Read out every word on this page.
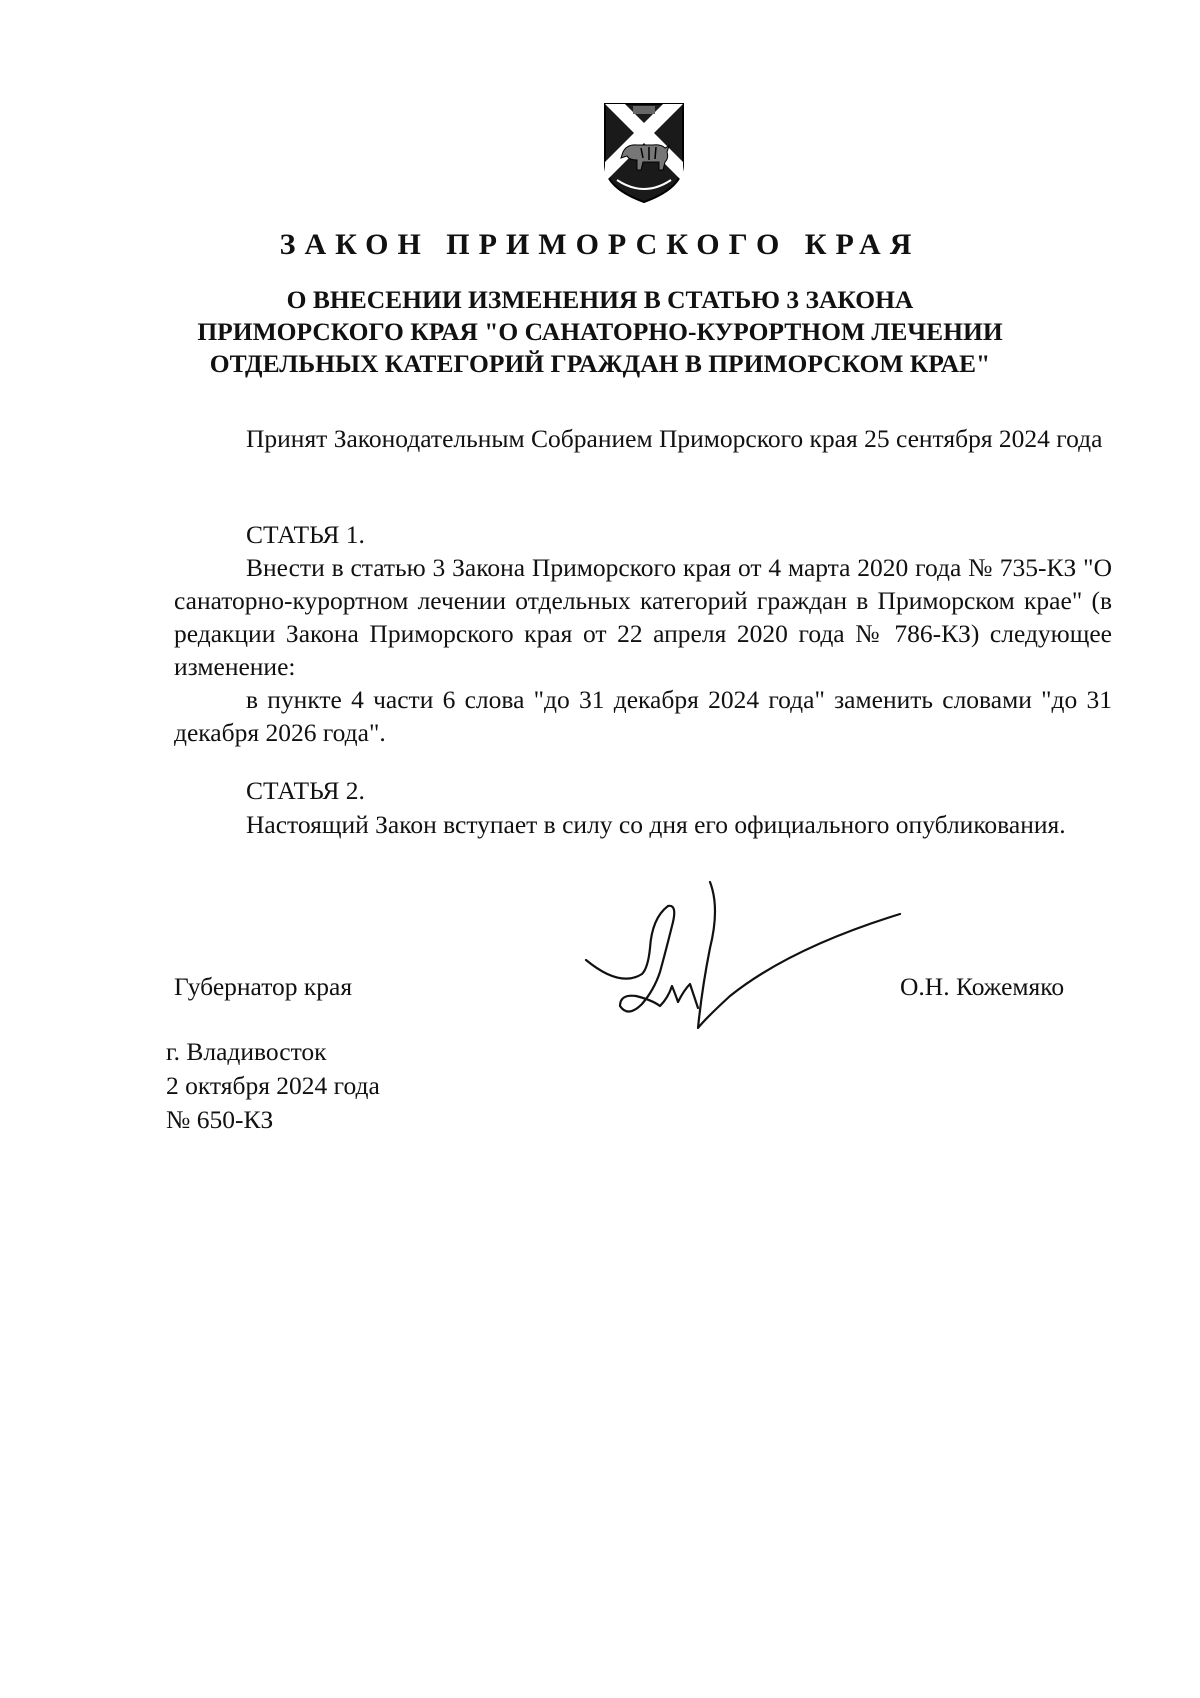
ЗАКОН ПРИМОРСКОГО КРАЯ
О ВНЕСЕНИИ ИЗМЕНЕНИЯ В СТАТЬЮ 3 ЗАКОНА
ПРИМОРСКОГО КРАЯ "О САНАТОРНО-КУРОРТНОМ ЛЕЧЕНИИ
ОТДЕЛЬНЫХ КАТЕГОРИЙ ГРАЖДАН В ПРИМОРСКОМ КРАЕ"
Принят Законодательным Собранием Приморского края 25 сентября 2024 года
СТАТЬЯ 1.
Внести в статью 3 Закона Приморского края от 4 марта 2020 года № 735-КЗ "О санаторно-курортном лечении отдельных категорий граждан в Приморском крае" (в редакции Закона Приморского края от 22 апреля 2020 года № 786-КЗ) следующее изменение:
в пункте 4 части 6 слова "до 31 декабря 2024 года" заменить словами "до 31 декабря 2026 года".
СТАТЬЯ 2.
Настоящий Закон вступает в силу со дня его официального опубликования.
Губернатор края	О.Н. Кожемяко
г. Владивосток
2 октября 2024 года
№ 650-КЗ
